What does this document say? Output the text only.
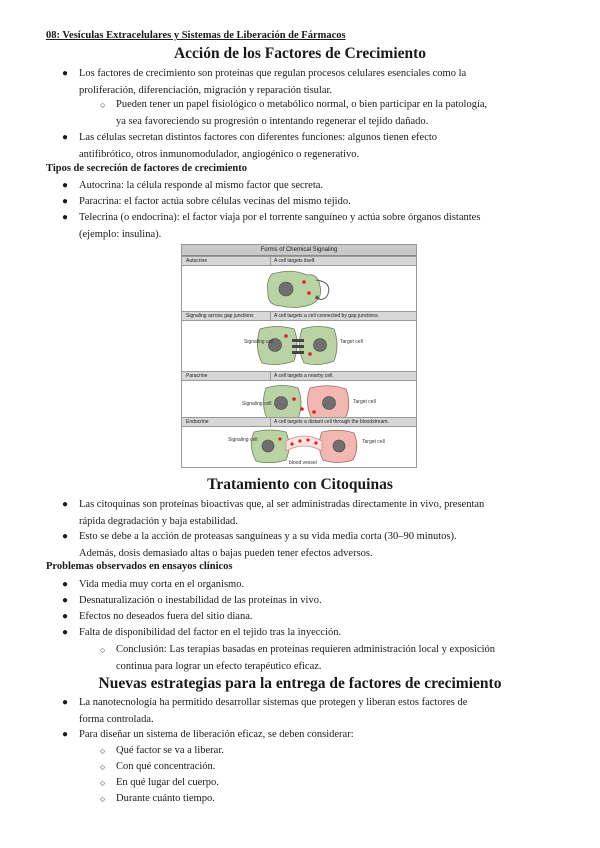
08: Vesículas Extracelulares y Sistemas de Liberación de Fármacos
Acción de los Factores de Crecimiento
● Los factores de crecimiento son proteínas que regulan procesos celulares esenciales como la
proliferación, diferenciación, migración y reparación tisular.
○ Pueden tener un papel fisiológico o metabólico normal, o bien participar en la patología,
ya sea favoreciendo su progresión o intentando regenerar el tejido dañado.
● Las células secretan distintos factores con diferentes funciones: algunos tienen efecto
antifibrótico, otros inmunomodulador, angiogénico o regenerativo.
Tipos de secreción de factores de crecimiento
● Autocrina: la célula responde al mismo factor que secreta.
● Paracrina: el factor actúa sobre células vecinas del mismo tejido.
● Telecrina (o endocrina): el factor viaja por el torrente sanguíneo y actúa sobre órganos distantes
(ejemplo: insulina).
Forms of Chemical Signaling
Autocrine	A cell targets itself.
Signaling across gap junctions	A cell targets a cell connected by gap junctions.
Signaling cell	Target cell
Paracrine	A cell targets a nearby cell.
Signaling cell	Target cell
Endocrine	A cell targets a distant cell through the bloodstream.
Signaling cell	Target cell
blood vessel
Tratamiento con Citoquinas
● Las citoquinas son proteínas bioactivas que, al ser administradas directamente in vivo, presentan
rápida degradación y baja estabilidad.
● Esto se debe a la acción de proteasas sanguíneas y a su vida media corta (30–90 minutos).
Además, dosis demasiado altas o bajas pueden tener efectos adversos.
Problemas observados en ensayos clínicos
● Vida media muy corta en el organismo.
● Desnaturalización o inestabilidad de las proteínas in vivo.
● Efectos no deseados fuera del sitio diana.
● Falta de disponibilidad del factor en el tejido tras la inyección.
○ Conclusión: Las terapias basadas en proteínas requieren administración local y exposición
continua para lograr un efecto terapéutico eficaz.
Nuevas estrategias para la entrega de factores de crecimiento
● La nanotecnología ha permitido desarrollar sistemas que protegen y liberan estos factores de
forma controlada.
● Para diseñar un sistema de liberación eficaz, se deben considerar:
○ Qué factor se va a liberar.
○ Con qué concentración.
○ En qué lugar del cuerpo.
○ Durante cuánto tiempo.
